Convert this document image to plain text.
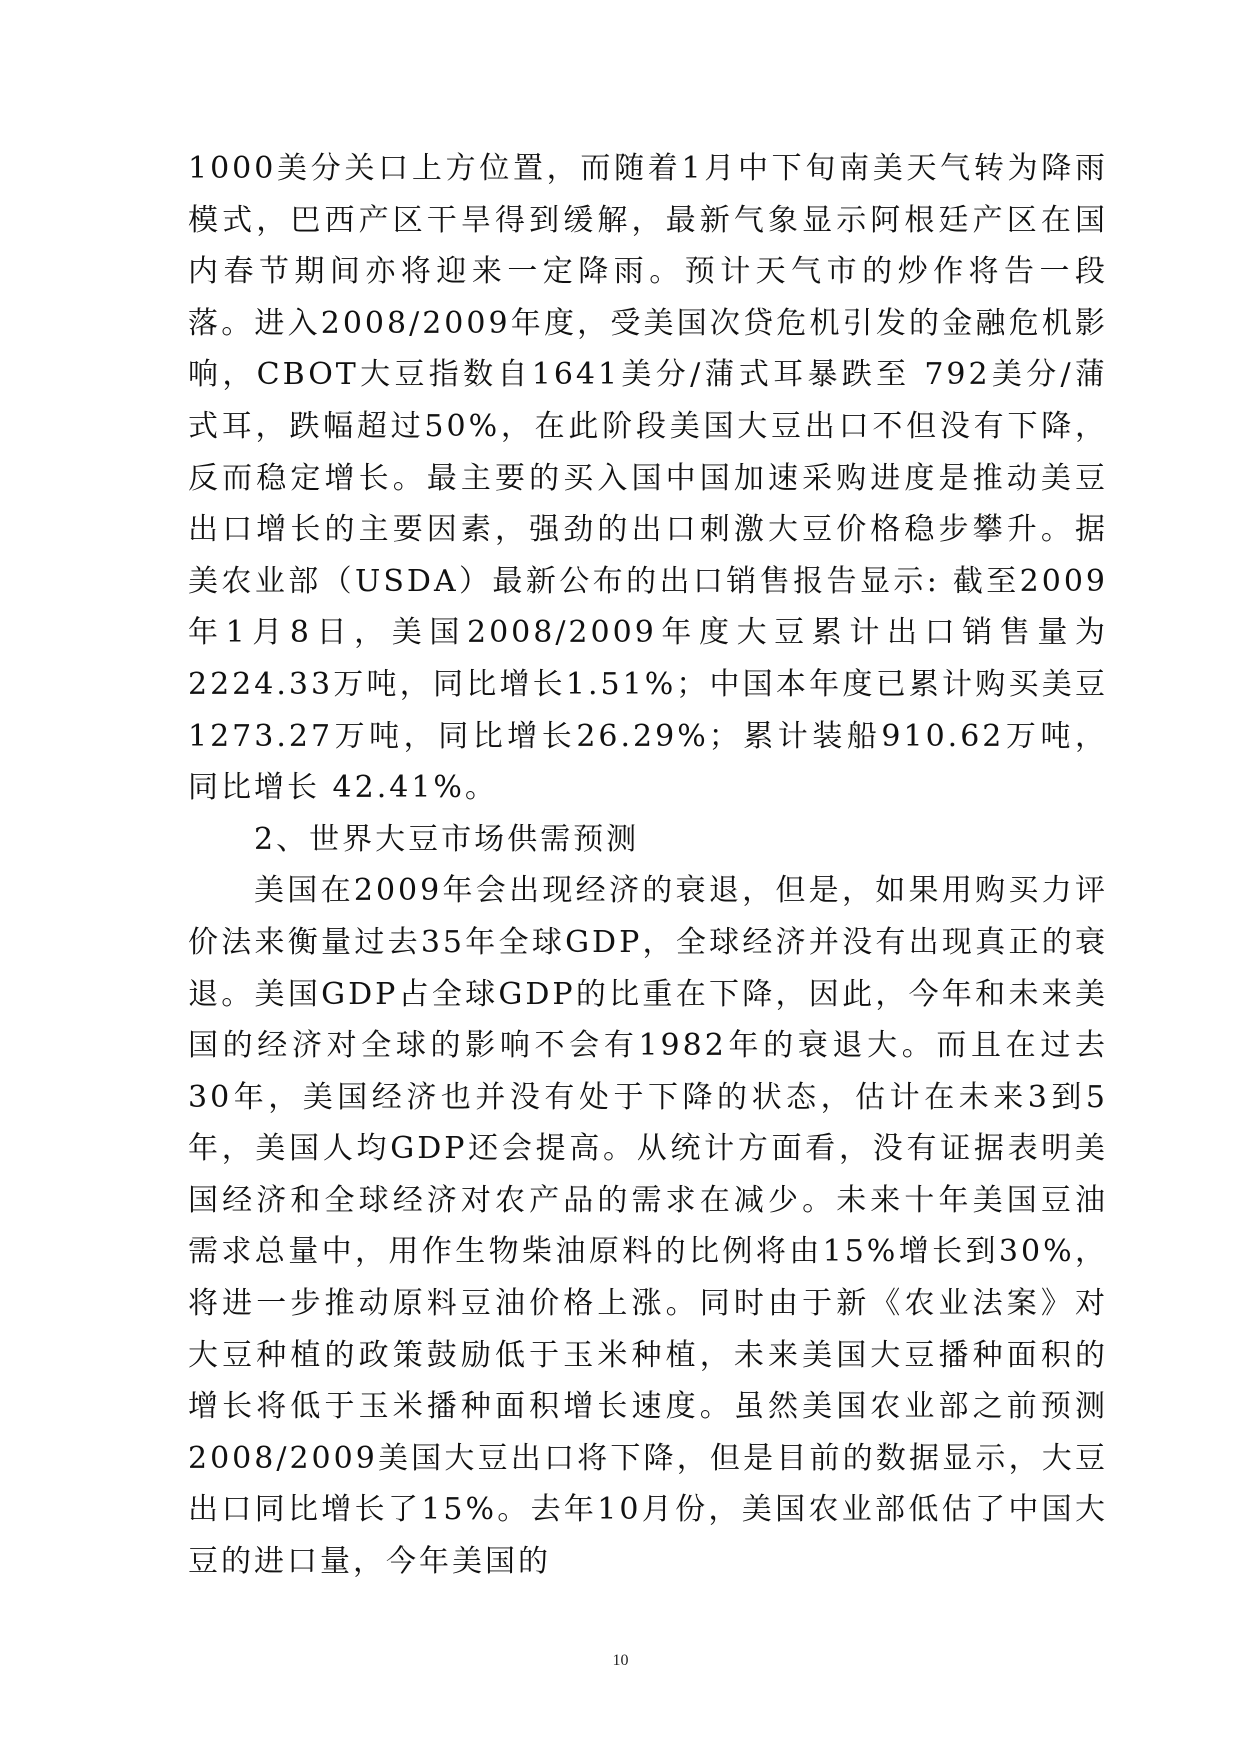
1000美分关口上方位置，而随着1月中下旬南美天气转为降雨模式，巴西产区干旱得到缓解，最新气象显示阿根廷产区在国内春节期间亦将迎来一定降雨。预计天气市的炒作将告一段落。进入2008/2009年度，受美国次贷危机引发的金融危机影响，CBOT大豆指数自1641美分/蒲式耳暴跌至 792美分/蒲式耳，跌幅超过50%，在此阶段美国大豆出口不但没有下降，反而稳定增长。最主要的买入国中国加速采购进度是推动美豆出口增长的主要因素，强劲的出口刺激大豆价格稳步攀升。据美农业部（USDA）最新公布的出口销售报告显示: 截至2009年1月8日，美国2008/2009年度大豆累计出口销售量为2224.33万吨，同比增长1.51%；中国本年度已累计购买美豆1273.27万吨，同比增长26.29%；累计装船910.62万吨，同比增长 42.41%。

2、世界大豆市场供需预测

美国在2009年会出现经济的衰退，但是，如果用购买力评价法来衡量过去35年全球GDP，全球经济并没有出现真正的衰退。美国GDP占全球GDP的比重在下降，因此，今年和未来美国的经济对全球的影响不会有1982年的衰退大。而且在过去30年，美国经济也并没有处于下降的状态，估计在未来3到5年，美国人均GDP还会提高。从统计方面看，没有证据表明美国经济和全球经济对农产品的需求在减少。未来十年美国豆油需求总量中，用作生物柴油原料的比例将由15%增长到30%，将进一步推动原料豆油价格上涨。同时由于新《农业法案》对大豆种植的政策鼓励低于玉米种植，未来美国大豆播种面积的增长将低于玉米播种面积增长速度。虽然美国农业部之前预测2008/2009美国大豆出口将下降，但是目前的数据显示，大豆出口同比增长了15%。去年10月份，美国农业部低估了中国大豆的进口量，今年美国的

10
